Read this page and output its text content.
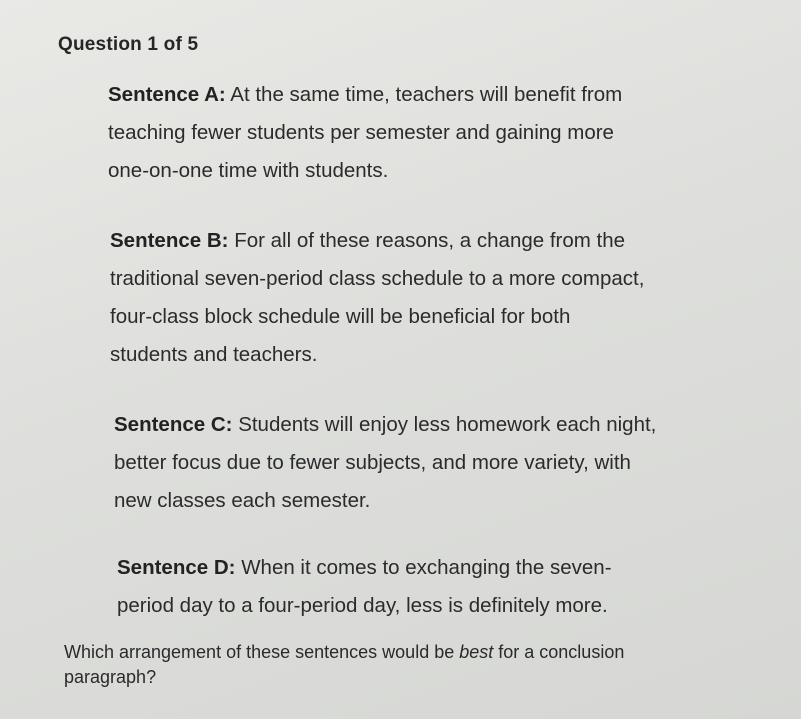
Question 1 of 5
Sentence A: At the same time, teachers will benefit from
teaching fewer students per semester and gaining more
one-on-one time with students.
Sentence B: For all of these reasons, a change from the
traditional seven-period class schedule to a more compact,
four-class block schedule will be beneficial for both
students and teachers.
Sentence C: Students will enjoy less homework each night,
better focus due to fewer subjects, and more variety, with
new classes each semester.
Sentence D: When it comes to exchanging the seven-
period day to a four-period day, less is definitely more.
Which arrangement of these sentences would be best for a conclusion
paragraph?
